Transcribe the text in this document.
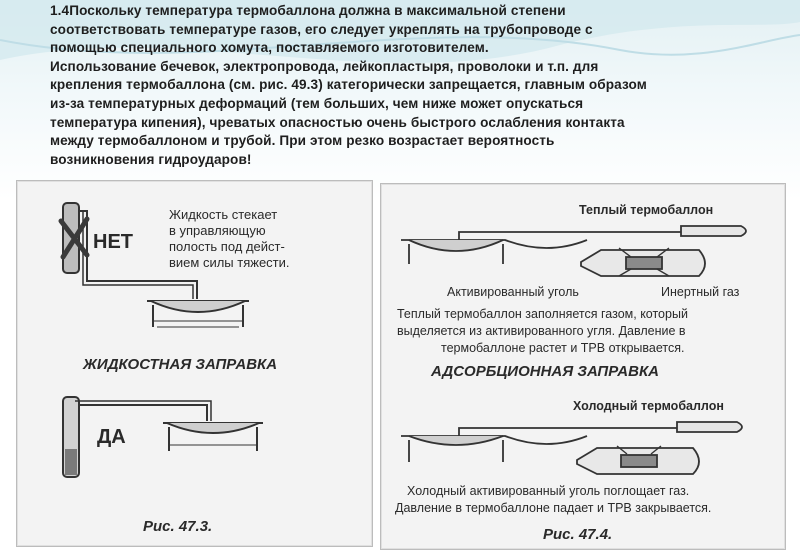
1.4Поскольку температура термобаллона должна в максимальной степени

соответствовать температуре газов, его следует укреплять на трубопроводе с

помощью специального хомута, поставляемого изготовителем.

Использование бечевок, электропровода, лейкопластыря, проволоки и т.п. для

крепления термобаллона (см. рис. 49.3) категорически запрещается, главным образом

из-за температурных деформаций (тем больших, чем ниже может опускаться

температура кипения), чреватых опасностью очень быстрого ослабления контакта

между термобаллоном и трубой. При этом резко возрастает вероятность

возникновения гидроударов!

НЕТ
Жидкость стекает
в управляющую
полость под дейст-
вием силы тяжести.
ЖИДКОСТНАЯ ЗАПРАВКА
ДА
Рис. 47.3.
Теплый термобаллон
Активированный уголь	Инертный газ
Теплый термобаллон заполняется газом, который
выделяется из активированного угля. Давление в
термобаллоне растет и ТРВ открывается.
АДСОРБЦИОННАЯ ЗАПРАВКА
Холодный термобаллон
Холодный активированный уголь поглощает газ.
Давление в термобаллоне падает и ТРВ закрывается.
Рис. 47.4.
